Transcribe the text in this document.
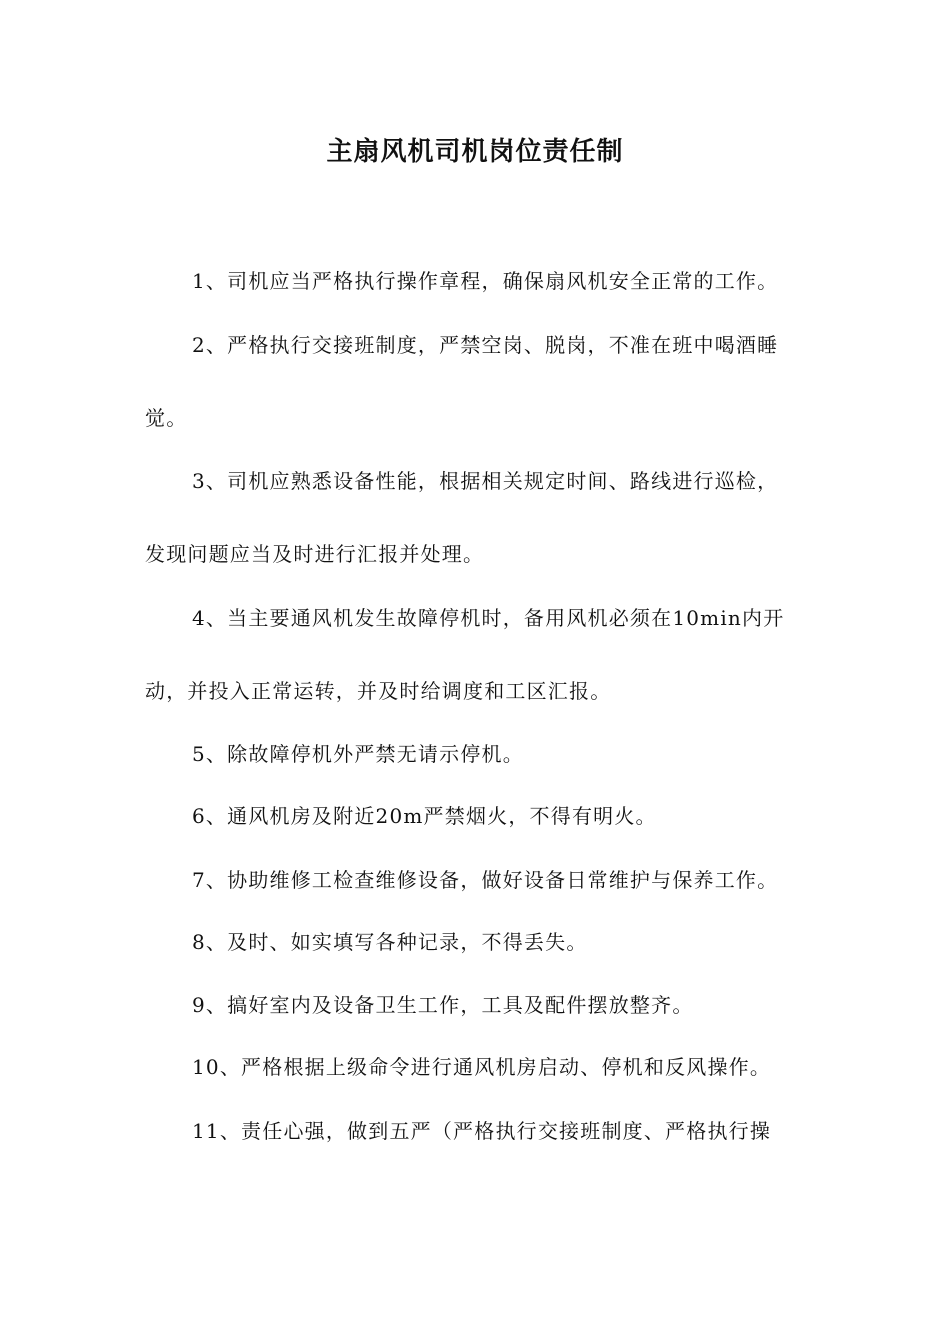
主扇风机司机岗位责任制
1、司机应当严格执行操作章程，确保扇风机安全正常的工作。
2、严格执行交接班制度，严禁空岗、脱岗，不准在班中喝酒睡
觉。
3、司机应熟悉设备性能，根据相关规定时间、路线进行巡检，
发现问题应当及时进行汇报并处理。
4、当主要通风机发生故障停机时，备用风机必须在10min内开
动，并投入正常运转，并及时给调度和工区汇报。
5、除故障停机外严禁无请示停机。
6、通风机房及附近20m严禁烟火，不得有明火。
7、协助维修工检查维修设备，做好设备日常维护与保养工作。
8、及时、如实填写各种记录，不得丢失。
9、搞好室内及设备卫生工作，工具及配件摆放整齐。
10、严格根据上级命令进行通风机房启动、停机和反风操作。
11、责任心强，做到五严（严格执行交接班制度、严格执行操
